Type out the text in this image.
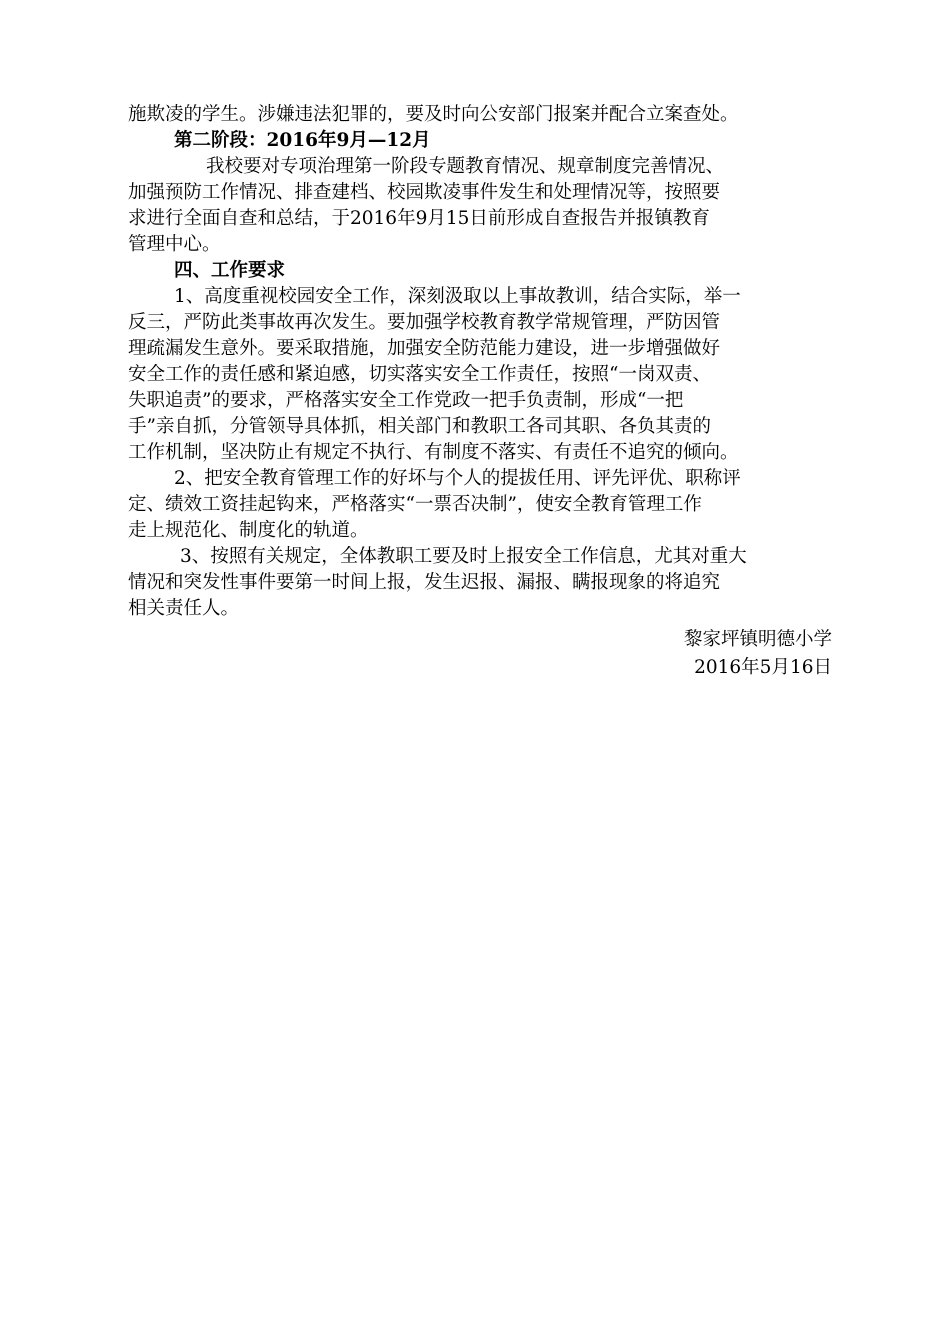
施欺凌的学生。涉嫌违法犯罪的，要及时向公安部门报案并配合立案查处。
第二阶段：2016年9月—12月
我校要对专项治理第一阶段专题教育情况、规章制度完善情况、
加强预防工作情况、排查建档、校园欺凌事件发生和处理情况等，按照要
求进行全面自查和总结，于2016年9月15日前形成自查报告并报镇教育
管理中心。
四、工作要求
1、高度重视校园安全工作，深刻汲取以上事故教训，结合实际，举一
反三，严防此类事故再次发生。要加强学校教育教学常规管理，严防因管
理疏漏发生意外。要采取措施，加强安全防范能力建设，进一步增强做好
安全工作的责任感和紧迫感，切实落实安全工作责任，按照“一岗双责、
失职追责”的要求，严格落实安全工作党政一把手负责制，形成“一把
手”亲自抓，分管领导具体抓，相关部门和教职工各司其职、各负其责的
工作机制，坚决防止有规定不执行、有制度不落实、有责任不追究的倾向。
2、把安全教育管理工作的好坏与个人的提拔任用、评先评优、职称评
定、绩效工资挂起钩来，严格落实“一票否决制”，使安全教育管理工作
走上规范化、制度化的轨道。
3、按照有关规定，全体教职工要及时上报安全工作信息，尤其对重大
情况和突发性事件要第一时间上报，发生迟报、漏报、瞒报现象的将追究
相关责任人。
黎家坪镇明德小学
2016年5月16日
